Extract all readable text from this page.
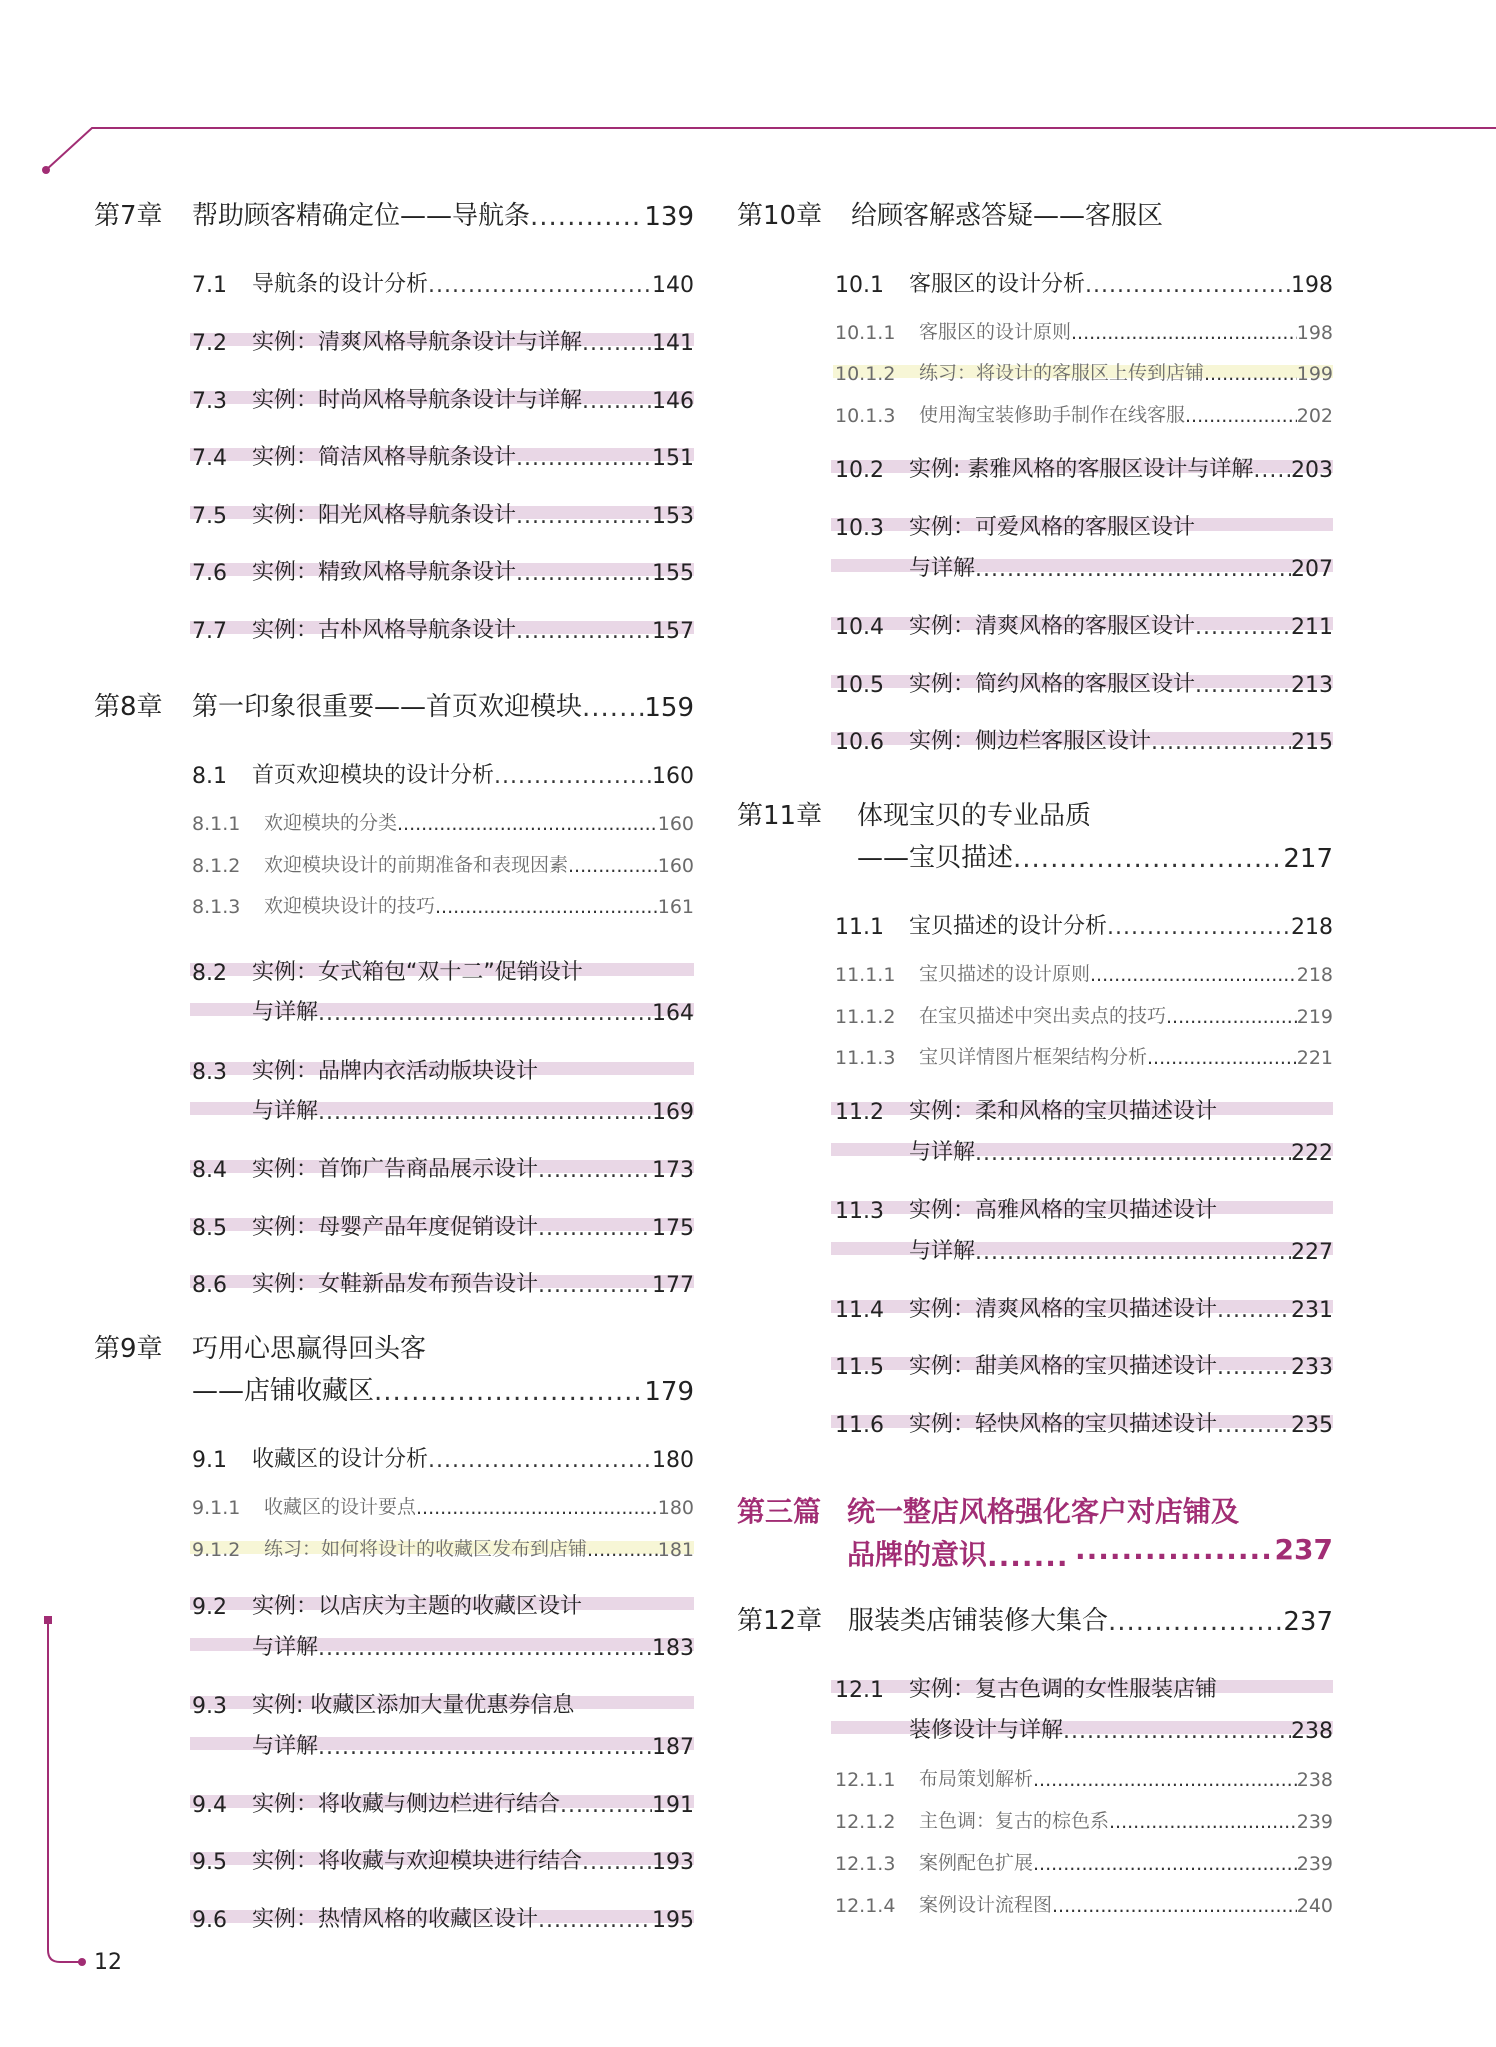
第7章	帮助顾客精确定位——导航条 .....	139
7.1	导航条的设计分析 .....	140
7.2	实例：清爽风格导航条设计与详解 .....	141
7.3	实例：时尚风格导航条设计与详解 .....	146
7.4	实例：简洁风格导航条设计 .....	151
7.5	实例：阳光风格导航条设计 .....	153
7.6	实例：精致风格导航条设计 .....	155
7.7	实例：古朴风格导航条设计 .....	157
第8章	第一印象很重要——首页欢迎模块 ..... 159
8.1	首页欢迎模块的设计分析 .....	160
8.1.1	欢迎模块的分类 .....	160
8.1.2	欢迎模块设计的前期准备和表现因素 .....	160
8.1.3	欢迎模块设计的技巧 .....	161
8.2	实例：女式箱包“双十二”促销设计
与详解 .....	164
8.3	实例：品牌内衣活动版块设计
与详解 .....	169
8.4	实例：首饰广告商品展示设计 .....	173
8.5	实例：母婴产品年度促销设计 .....	175
8.6	实例：女鞋新品发布预告设计 .....	177
第9章	巧用心思赢得回头客
——店铺收藏区 .....	179
9.1	收藏区的设计分析 .....	180
9.1.1	收藏区的设计要点 .....	180
9.1.2	练习：如何将设计的收藏区发布到店铺 .....	181
9.2	实例：以店庆为主题的收藏区设计
与详解 .....	183
9.3	实例: 收藏区添加大量优惠券信息
与详解 .....	187
9.4	实例：将收藏与侧边栏进行结合 .....	191
9.5	实例：将收藏与欢迎模块进行结合 .....	193
9.6	实例：热情风格的收藏区设计 .....	195
第10章	给顾客解惑答疑——客服区
10.1	客服区的设计分析 .....	198
10.1.1	客服区的设计原则 .....	198
10.1.2	练习：将设计的客服区上传到店铺 .....	199
10.1.3	使用淘宝装修助手制作在线客服 .....	202
10.2	实例: 素雅风格的客服区设计与详解 ..... 203
10.3	实例：可爱风格的客服区设计
与详解 .....	207
10.4	实例：清爽风格的客服区设计 .....	211
10.5	实例：简约风格的客服区设计 .....	213
10.6	实例：侧边栏客服区设计 .....	215
第11章	体现宝贝的专业品质
——宝贝描述 .....	217
11.1	宝贝描述的设计分析 .....	218
11.1.1	宝贝描述的设计原则 .....	218
11.1.2	在宝贝描述中突出卖点的技巧 .....	219
11.1.3	宝贝详情图片框架结构分析 .....	221
11.2	实例：柔和风格的宝贝描述设计
与详解 .....	222
11.3	实例：高雅风格的宝贝描述设计
与详解 .....	227
11.4	实例：清爽风格的宝贝描述设计 .....	231
11.5	实例：甜美风格的宝贝描述设计 .....	233
11.6	实例：轻快风格的宝贝描述设计 .....	235
第三篇 统一整店风格强化客户对店铺及
品牌的意识 ..... .....	237
第12章 服装类店铺装修大集合 .....	237
12.1	实例：复古色调的女性服装店铺
装修设计与详解 .....	238
12.1.1	布局策划解析 .....	238
12.1.2	主色调：复古的棕色系 .....	239
12.1.3	案例配色扩展 .....	239
12.1.4	案例设计流程图 .....	240
12
